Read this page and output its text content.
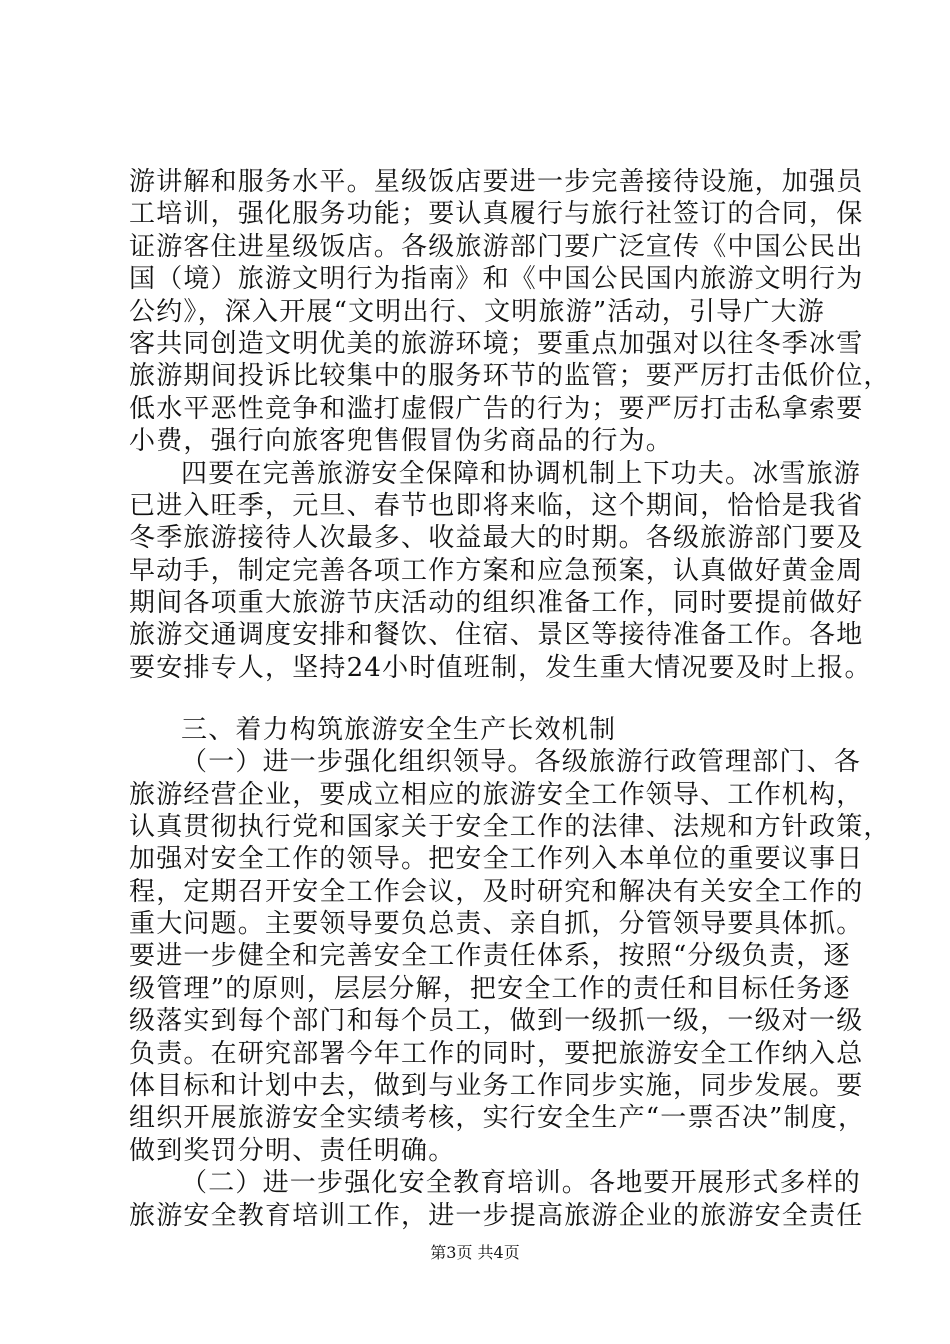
游讲解和服务水平。星级饭店要进一步完善接待设施，加强员
工培训，强化服务功能；要认真履行与旅行社签订的合同，保
证游客住进星级饭店。各级旅游部门要广泛宣传《中国公民出
国（境）旅游文明行为指南》和《中国公民国内旅游文明行为
公约》，深入开展“文明出行、文明旅游”活动，引导广大游
客共同创造文明优美的旅游环境；要重点加强对以往冬季冰雪
旅游期间投诉比较集中的服务环节的监管；要严厉打击低价位，
低水平恶性竞争和滥打虚假广告的行为；要严厉打击私拿索要
小费，强行向旅客兜售假冒伪劣商品的行为。
四要在完善旅游安全保障和协调机制上下功夫。冰雪旅游
已进入旺季，元旦、春节也即将来临，这个期间，恰恰是我省
冬季旅游接待人次最多、收益最大的时期。各级旅游部门要及
早动手，制定完善各项工作方案和应急预案，认真做好黄金周
期间各项重大旅游节庆活动的组织准备工作，同时要提前做好
旅游交通调度安排和餐饮、住宿、景区等接待准备工作。各地
要安排专人，坚持24小时值班制，发生重大情况要及时上报。
三、着力构筑旅游安全生产长效机制
（一）进一步强化组织领导。各级旅游行政管理部门、各
旅游经营企业，要成立相应的旅游安全工作领导、工作机构，
认真贯彻执行党和国家关于安全工作的法律、法规和方针政策，
加强对安全工作的领导。把安全工作列入本单位的重要议事日
程，定期召开安全工作会议，及时研究和解决有关安全工作的
重大问题。主要领导要负总责、亲自抓，分管领导要具体抓。
要进一步健全和完善安全工作责任体系，按照“分级负责，逐
级管理”的原则，层层分解，把安全工作的责任和目标任务逐
级落实到每个部门和每个员工，做到一级抓一级，一级对一级
负责。在研究部署今年工作的同时，要把旅游安全工作纳入总
体目标和计划中去，做到与业务工作同步实施，同步发展。要
组织开展旅游安全实绩考核，实行安全生产“一票否决”制度，
做到奖罚分明、责任明确。
（二）进一步强化安全教育培训。各地要开展形式多样的
旅游安全教育培训工作，进一步提高旅游企业的旅游安全责任
第3页 共4页
